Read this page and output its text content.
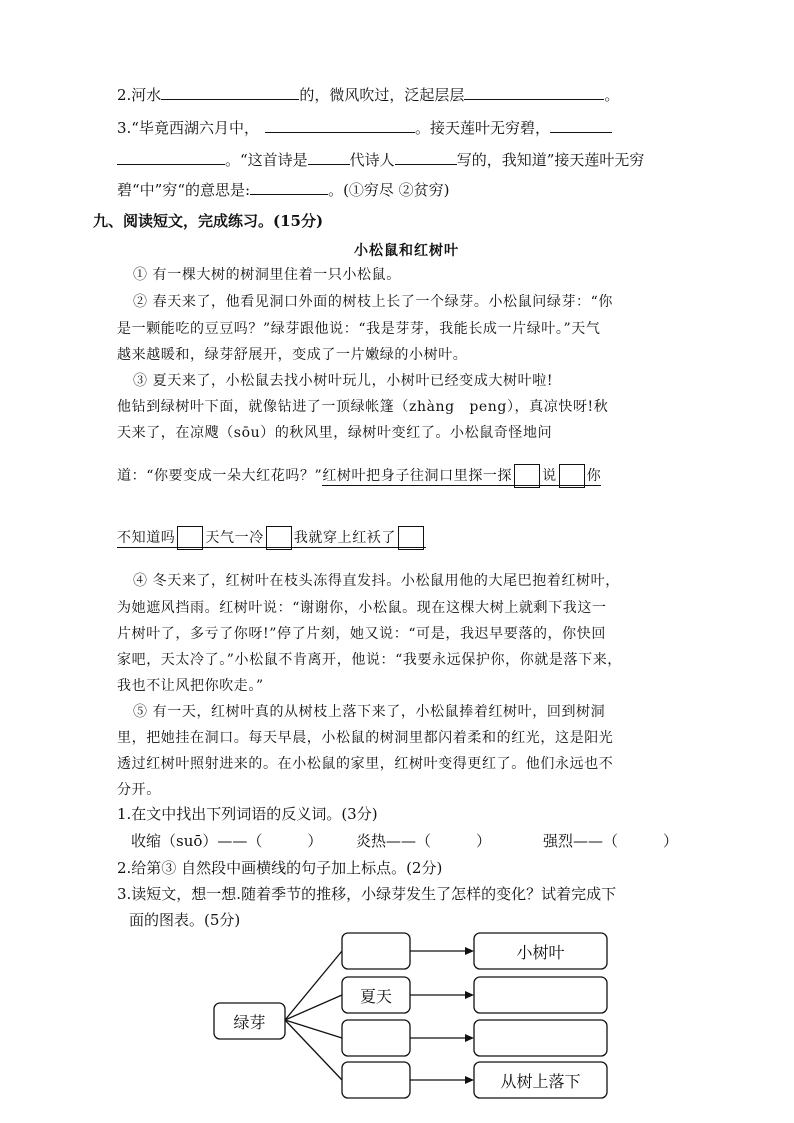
2.河水	的，微风吹过，泛起层层	。
3.“毕竟西湖六月中，	。接天莲叶无穷碧，
。“这首诗是	代诗人	写的，我知道”接天莲叶无穷
碧“中”穷“的意思是:	。(①穷尽 ②贫穷)
九、阅读短文，完成练习。(15分)
小松鼠和红树叶
① 有一棵大树的树洞里住着一只小松鼠。
② 春天来了，他看见洞口外面的树枝上长了一个绿芽。小松鼠问绿芽：“你
是一颗能吃的豆豆吗？”绿芽跟他说：“我是芽芽，我能长成一片绿叶。”天气
越来越暖和，绿芽舒展开，变成了一片嫩绿的小树叶。
③ 夏天来了，小松鼠去找小树叶玩儿，小树叶已经变成大树叶啦!
他钻到绿树叶下面，就像钻进了一顶绿帐篷（zhàng　peng），真凉快呀!秋
天来了，在凉飕（sōu）的秋风里，绿树叶变红了。小松鼠奇怪地问
道：“你要变成一朵大红花吗？”红树叶把身子往洞口里探一探 说 你
不知道吗 天气一冷 我就穿上红袄了
④ 冬天来了，红树叶在枝头冻得直发抖。小松鼠用他的大尾巴抱着红树叶，
为她遮风挡雨。红树叶说：“谢谢你，小松鼠。现在这棵大树上就剩下我这一
片树叶了，多亏了你呀!”停了片刻，她又说：“可是，我迟早要落的，你快回
家吧，天太冷了。”小松鼠不肯离开，他说：“我要永远保护你，你就是落下来，
我也不让风把你吹走。”
⑤ 有一天，红树叶真的从树枝上落下来了，小松鼠捧着红树叶，回到树洞
里，把她挂在洞口。每天早晨，小松鼠的树洞里都闪着柔和的红光，这是阳光
透过红树叶照射进来的。在小松鼠的家里，红树叶变得更红了。他们永远也不
分开。
1.在文中找出下列词语的反义词。(3分)
收缩（suō）——（　　　） 炎热——（　　　）	强烈——（　　　）
2.给第③ 自然段中画横线的句子加上标点。(2分)
3.读短文，想一想.随着季节的推移，小绿芽发生了怎样的变化？试着完成下
面的图表。(5分)
绿芽
夏天
小树叶
从树上落下
